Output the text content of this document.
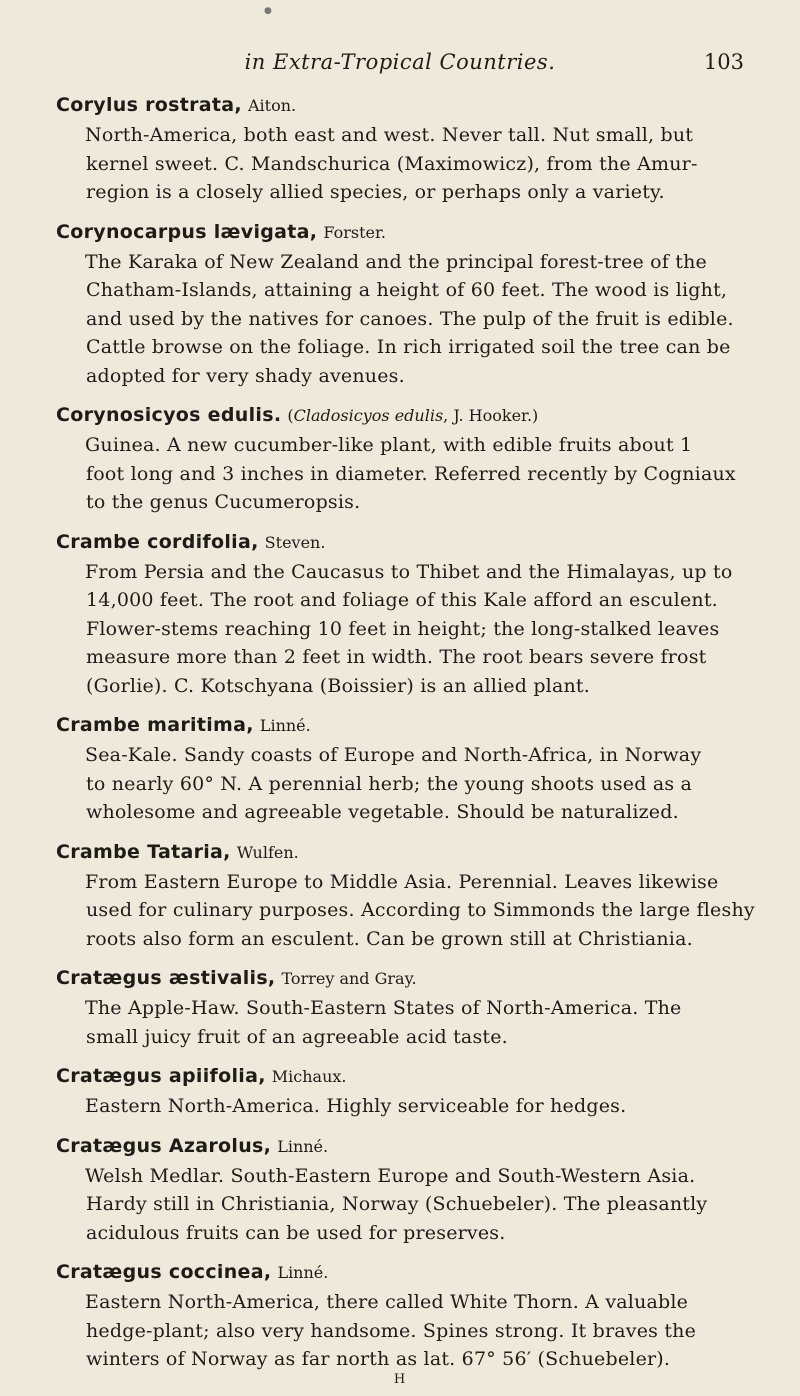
●
in Extra-Tropical Countries.	103
Corylus rostrata, Aiton.
North-America, both east and west. Never tall. Nut small, but
kernel sweet. C. Mandschurica (Maximowicz), from the Amur-
region is a closely allied species, or perhaps only a variety.
Corynocarpus lævigata, Forster.
The Karaka of New Zealand and the principal forest-tree of the
Chatham-Islands, attaining a height of 60 feet. The wood is light,
and used by the natives for canoes. The pulp of the fruit is edible.
Cattle browse on the foliage. In rich irrigated soil the tree can be
adopted for very shady avenues.
Corynosicyos edulis. (Cladosicyos edulis, J. Hooker.)
Guinea. A new cucumber-like plant, with edible fruits about 1
foot long and 3 inches in diameter. Referred recently by Cogniaux
to the genus Cucumeropsis.
Crambe cordifolia, Steven.
From Persia and the Caucasus to Thibet and the Himalayas, up to
14,000 feet. The root and foliage of this Kale afford an esculent.
Flower-stems reaching 10 feet in height; the long-stalked leaves
measure more than 2 feet in width. The root bears severe frost
(Gorlie). C. Kotschyana (Boissier) is an allied plant.
Crambe maritima, Linné.
Sea-Kale. Sandy coasts of Europe and North-Africa, in Norway
to nearly 60° N. A perennial herb; the young shoots used as a
wholesome and agreeable vegetable. Should be naturalized.
Crambe Tataria, Wulfen.
From Eastern Europe to Middle Asia. Perennial. Leaves likewise
used for culinary purposes. According to Simmonds the large fleshy
roots also form an esculent. Can be grown still at Christiania.
Cratægus æstivalis, Torrey and Gray.
The Apple-Haw. South-Eastern States of North-America. The
small juicy fruit of an agreeable acid taste.
Cratægus apiifolia, Michaux.
Eastern North-America. Highly serviceable for hedges.
Cratægus Azarolus, Linné.
Welsh Medlar. South-Eastern Europe and South-Western Asia.
Hardy still in Christiania, Norway (Schuebeler). The pleasantly
acidulous fruits can be used for preserves.
Cratægus coccinea, Linné.
Eastern North-America, there called White Thorn. A valuable
hedge-plant; also very handsome. Spines strong. It braves the
winters of Norway as far north as lat. 67° 56′ (Schuebeler).
H
